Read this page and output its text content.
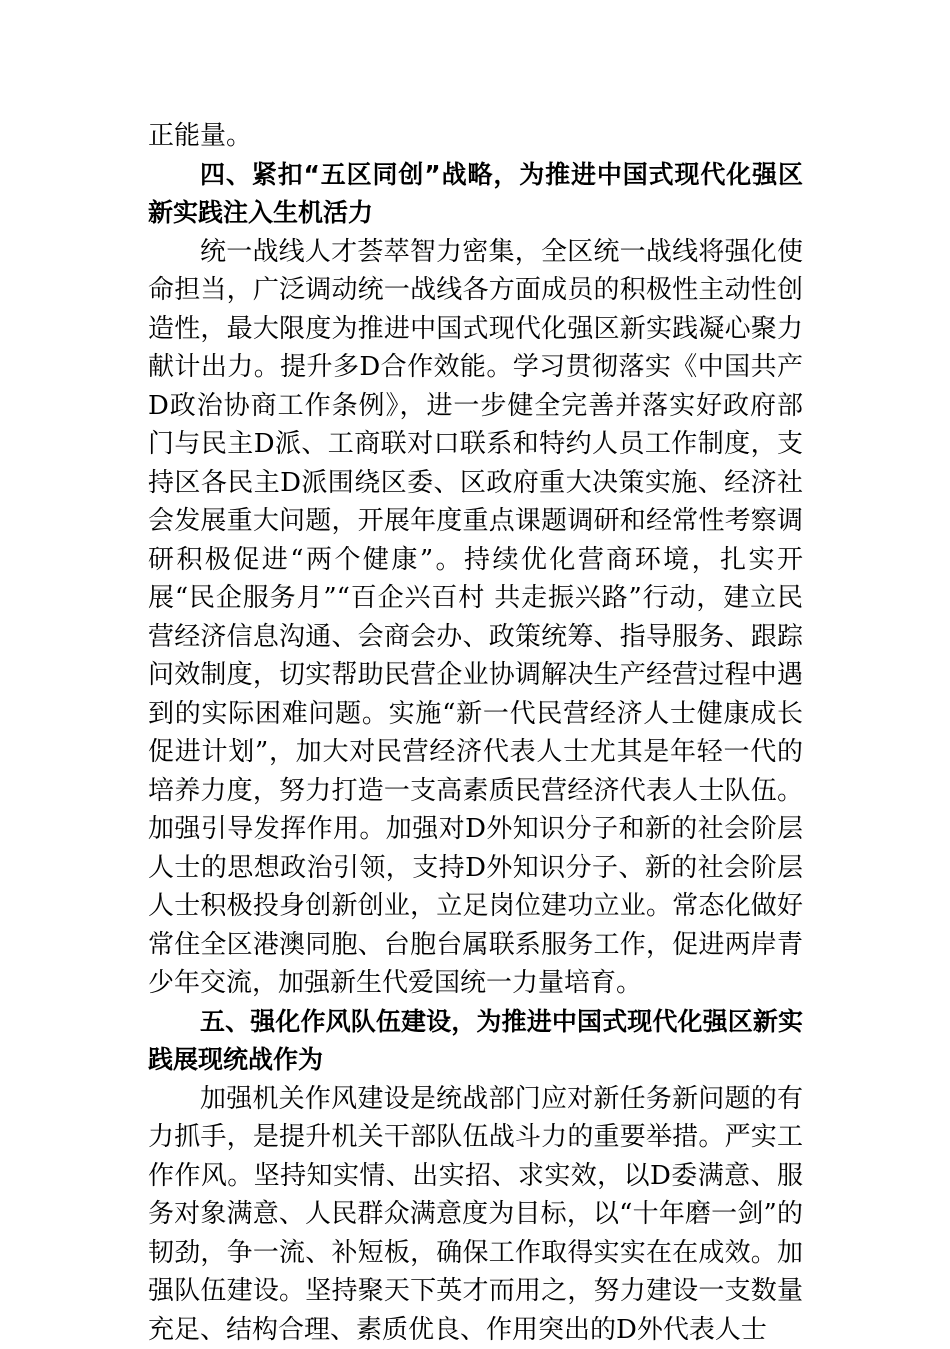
正能量。

四、紧扣“五区同创”战略，为推进中国式现代化强区新实践注入生机活力

统一战线人才荟萃智力密集，全区统一战线将强化使命担当，广泛调动统一战线各方面成员的积极性主动性创造性，最大限度为推进中国式现代化强区新实践凝心聚力献计出力。提升多D合作效能。学习贯彻落实《中国共产D政治协商工作条例》，进一步健全完善并落实好政府部门与民主D派、工商联对口联系和特约人员工作制度，支持区各民主D派围绕区委、区政府重大决策实施、经济社会发展重大问题，开展年度重点课题调研和经常性考察调研积极促进“两个健康”。持续优化营商环境，扎实开展“民企服务月”“百企兴百村 共走振兴路”行动，建立民营经济信息沟通、会商会办、政策统筹、指导服务、跟踪问效制度，切实帮助民营企业协调解决生产经营过程中遇到的实际困难问题。实施“新一代民营经济人士健康成长促进计划”，加大对民营经济代表人士尤其是年轻一代的培养力度，努力打造一支高素质民营经济代表人士队伍。加强引导发挥作用。加强对D外知识分子和新的社会阶层人士的思想政治引领，支持D外知识分子、新的社会阶层人士积极投身创新创业，立足岗位建功立业。常态化做好常住全区港澳同胞、台胞台属联系服务工作，促进两岸青少年交流，加强新生代爱国统一力量培育。

五、强化作风队伍建设，为推进中国式现代化强区新实践展现统战作为

加强机关作风建设是统战部门应对新任务新问题的有力抓手，是提升机关干部队伍战斗力的重要举措。严实工作作风。坚持知实情、出实招、求实效，以D委满意、服务对象满意、人民群众满意度为目标，以“十年磨一剑”的韧劲，争一流、补短板，确保工作取得实实在在成效。加强队伍建设。坚持聚天下英才而用之，努力建设一支数量充足、结构合理、素质优良、作用突出的D外代表人士
